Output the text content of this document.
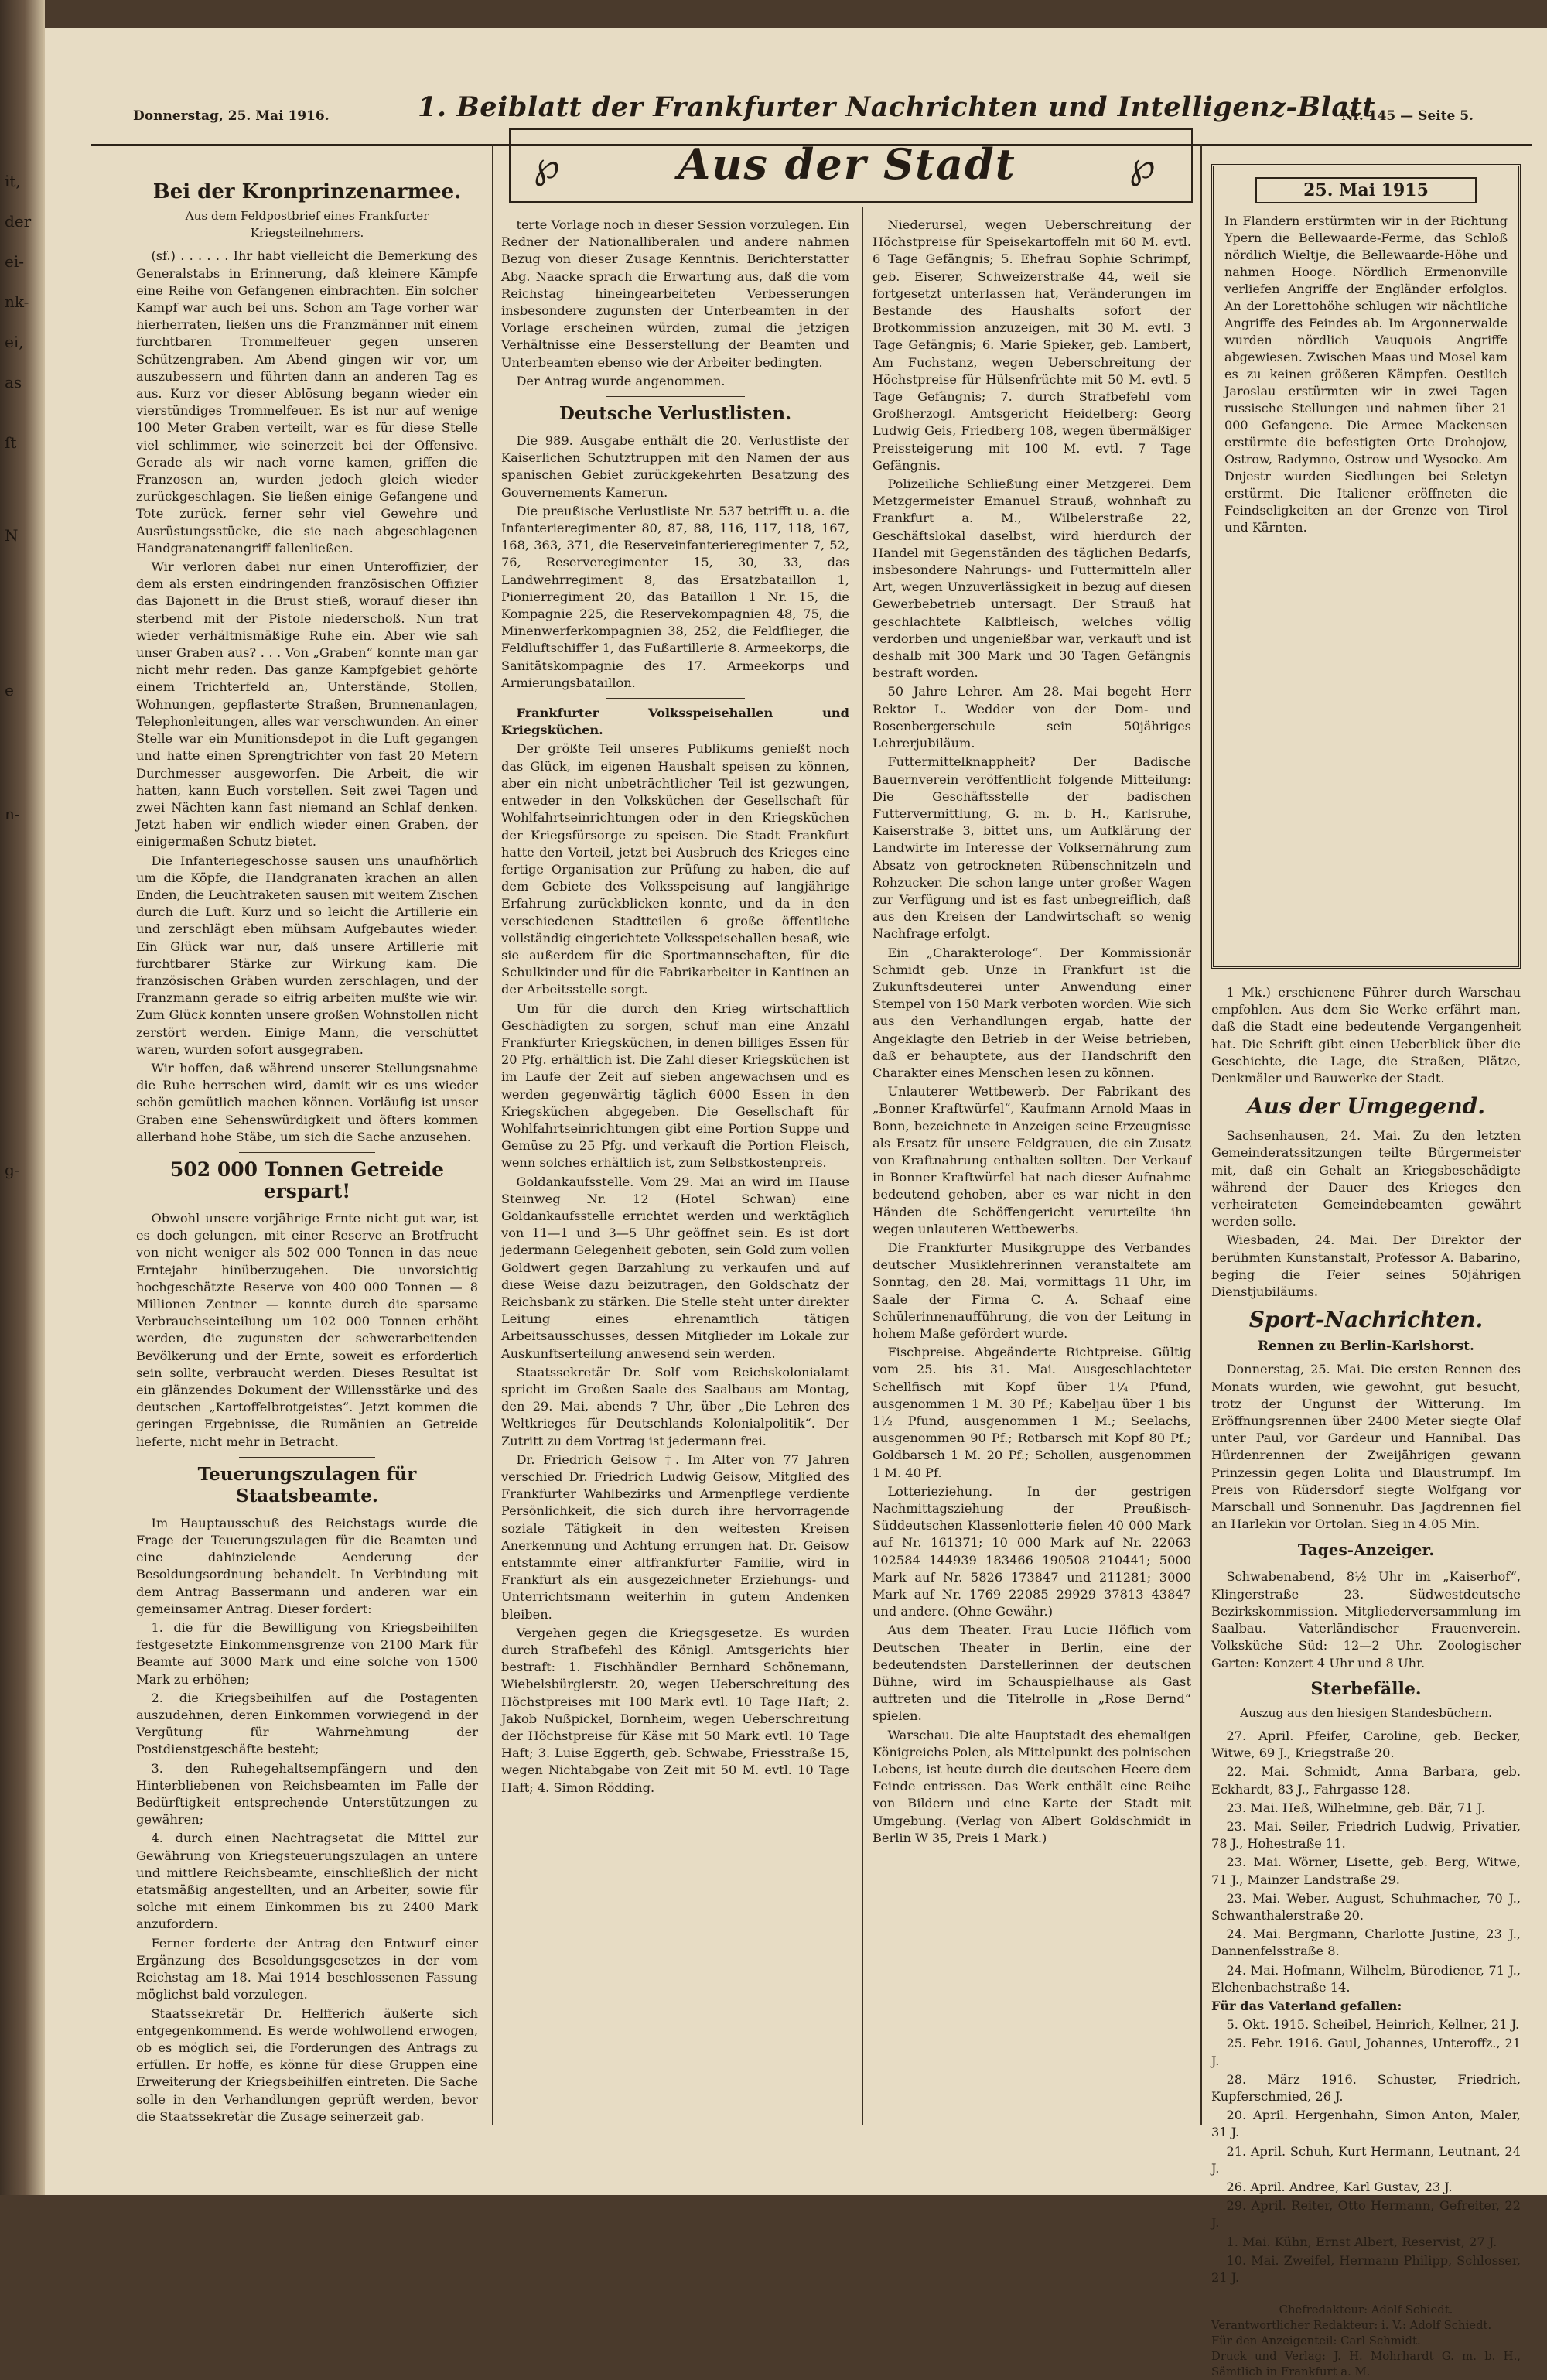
it,
der
ei-
nk-
ei,
as
ſt
N
e
n-
g-
Donnerstag, 25. Mai 1916.	1. Beiblatt der Frankfurter Nachrichten und Intelligenz-Blatt
Nr. 145 — Seite 5.
℘	Aus der Stadt	℘
Bei der Kronprinzenarmee.
Aus dem Feldpostbrief eines Frankfurter Kriegsteilnehmers.

(sf.) . . . . . . Ihr habt vielleicht die Bemerkung des Generalstabs in Erinnerung, daß kleinere Kämpfe eine Reihe von Gefangenen einbrachten. Ein solcher Kampf war auch bei uns. Schon am Tage vorher war hierherraten, ließen uns die Franzmänner mit einem furchtbaren Trommelfeuer gegen unseren Schützengraben. Am Abend gingen wir vor, um auszubessern und führten dann an anderen Tag es aus. Kurz vor dieser Ablösung begann wieder ein vierstündiges Trommelfeuer. Es ist nur auf wenige 100 Meter Graben verteilt, war es für diese Stelle viel schlimmer, wie seinerzeit bei der Offensive. Gerade als wir nach vorne kamen, griffen die Franzosen an, wurden jedoch gleich wieder zurückgeschlagen. Sie ließen einige Gefangene und Tote zurück, ferner sehr viel Gewehre und Ausrüstungsstücke, die sie nach abgeschlagenen Handgranatenangriff fallenließen.

Wir verloren dabei nur einen Unteroffizier, der dem als ersten eindringenden französischen Offizier das Bajonett in die Brust stieß, worauf dieser ihn sterbend mit der Pistole niederschoß. Nun trat wieder verhältnismäßige Ruhe ein. Aber wie sah unser Graben aus? . . . Von „Graben“ konnte man gar nicht mehr reden. Das ganze Kampfgebiet gehörte einem Trichterfeld an, Unterstände, Stollen, Wohnungen, gepflasterte Straßen, Brunnenanlagen, Telephonleitungen, alles war verschwunden. An einer Stelle war ein Munitionsdepot in die Luft gegangen und hatte einen Sprengtrichter von fast 20 Metern Durchmesser ausgeworfen. Die Arbeit, die wir hatten, kann Euch vorstellen. Seit zwei Tagen und zwei Nächten kann fast niemand an Schlaf denken. Jetzt haben wir endlich wieder einen Graben, der einigermaßen Schutz bietet.

Die Infanteriegeschosse sausen uns unaufhörlich um die Köpfe, die Handgranaten krachen an allen Enden, die Leuchtraketen sausen mit weitem Zischen durch die Luft. Kurz und so leicht die Artillerie ein und zerschlägt eben mühsam Aufgebautes wieder. Ein Glück war nur, daß unsere Artillerie mit furchtbarer Stärke zur Wirkung kam. Die französischen Gräben wurden zerschlagen, und der Franzmann gerade so eifrig arbeiten mußte wie wir. Zum Glück konnten unsere großen Wohnstollen nicht zerstört werden. Einige Mann, die verschüttet waren, wurden sofort ausgegraben.

Wir hoffen, daß während unserer Stellungsnahme die Ruhe herrschen wird, damit wir es uns wieder schön gemütlich machen können. Vorläufig ist unser Graben eine Sehenswürdigkeit und öfters kommen allerhand hohe Stäbe, um sich die Sache anzusehen.

502 000 Tonnen Getreide erspart!

Obwohl unsere vorjährige Ernte nicht gut war, ist es doch gelungen, mit einer Reserve an Brotfrucht von nicht weniger als 502 000 Tonnen in das neue Erntejahr hinüberzugehen. Die unvorsichtig hochgeschätzte Reserve von 400 000 Tonnen — 8 Millionen Zentner — konnte durch die sparsame Verbrauchseinteilung um 102 000 Tonnen erhöht werden, die zugunsten der schwerarbeitenden Bevölkerung und der Ernte, soweit es erforderlich sein sollte, verbraucht werden. Dieses Resultat ist ein glänzendes Dokument der Willensstärke und des deutschen „Kartoffelbrotgeistes“. Jetzt kommen die geringen Ergebnisse, die Rumänien an Getreide lieferte, nicht mehr in Betracht.

Teuerungszulagen für Staatsbeamte.

Im Hauptausschuß des Reichstags wurde die Frage der Teuerungszulagen für die Beamten und eine dahinzielende Aenderung der Besoldungsordnung behandelt. In Verbindung mit dem Antrag Bassermann und anderen war ein gemeinsamer Antrag. Dieser fordert:

1. die für die Bewilligung von Kriegsbeihilfen festgesetzte Einkommensgrenze von 2100 Mark für Beamte auf 3000 Mark und eine solche von 1500 Mark zu erhöhen;

2. die Kriegsbeihilfen auf die Postagenten auszudehnen, deren Einkommen vorwiegend in der Vergütung für Wahrnehmung der Postdienstgeschäfte besteht;

3. den Ruhegehaltsempfängern und den Hinterbliebenen von Reichsbeamten im Falle der Bedürftigkeit entsprechende Unterstützungen zu gewähren;

4. durch einen Nachtragsetat die Mittel zur Gewährung von Kriegsteuerungszulagen an untere und mittlere Reichsbeamte, einschließlich der nicht etatsmäßig angestellten, und an Arbeiter, sowie für solche mit einem Einkommen bis zu 2400 Mark anzufordern.

Ferner forderte der Antrag den Entwurf einer Ergänzung des Besoldungsgesetzes in der vom Reichstag am 18. Mai 1914 beschlossenen Fassung möglichst bald vorzulegen.

Staatssekretär Dr. Helfferich äußerte sich entgegenkommend. Es werde wohlwollend erwogen, ob es möglich sei, die Forderungen des Antrags zu erfüllen. Er hoffe, es könne für diese Gruppen eine Erweiterung der Kriegsbeihilfen eintreten. Die Sache solle in den Verhandlungen geprüft werden, bevor die Staatssekretär die Zusage seinerzeit gab.

terte Vorlage noch in dieser Session vorzulegen. Ein Redner der Nationalliberalen und andere nahmen Bezug von dieser Zusage Kenntnis. Berichterstatter Abg. Naacke sprach die Erwartung aus, daß die vom Reichstag hineingearbeiteten Verbesserungen insbesondere zugunsten der Unterbeamten in der Vorlage erscheinen würden, zumal die jetzigen Verhältnisse eine Besserstellung der Beamten und Unterbeamten ebenso wie der Arbeiter bedingten.

Der Antrag wurde angenommen.

Deutsche Verlustlisten.

Die 989. Ausgabe enthält die 20. Verlustliste der Kaiserlichen Schutztruppen mit den Namen der aus spanischen Gebiet zurückgekehrten Besatzung des Gouvernements Kamerun.

Die preußische Verlustliste Nr. 537 betrifft u. a. die Infanterieregimenter 80, 87, 88, 116, 117, 118, 167, 168, 363, 371, die Reserveinfanterieregimenter 7, 52, 76, Reserveregimenter 15, 30, 33, das Landwehrregiment 8, das Ersatzbataillon 1, Pionierregiment 20, das Bataillon 1 Nr. 15, die Kompagnie 225, die Reservekompagnien 48, 75, die Minenwerferkompagnien 38, 252, die Feldflieger, die Feldluftschiffer 1, das Fußartillerie 8. Armeekorps, die Sanitätskompagnie des 17. Armeekorps und Armierungsbataillon.

Frankfurter Volksspeisehallen und Kriegsküchen.

Der größte Teil unseres Publikums genießt noch das Glück, im eigenen Haushalt speisen zu können, aber ein nicht unbeträchtlicher Teil ist gezwungen, entweder in den Volksküchen der Gesellschaft für Wohlfahrtseinrichtungen oder in den Kriegsküchen der Kriegsfürsorge zu speisen. Die Stadt Frankfurt hatte den Vorteil, jetzt bei Ausbruch des Krieges eine fertige Organisation zur Prüfung zu haben, die auf dem Gebiete des Volksspeisung auf langjährige Erfahrung zurückblicken konnte, und da in den verschiedenen Stadtteilen 6 große öffentliche vollständig eingerichtete Volksspeisehallen besaß, wie sie außerdem für die Sportmannschaften, für die Schulkinder und für die Fabrikarbeiter in Kantinen an der Arbeitsstelle sorgt.

Um für die durch den Krieg wirtschaftlich Geschädigten zu sorgen, schuf man eine Anzahl Frankfurter Kriegsküchen, in denen billiges Essen für 20 Pfg. erhältlich ist. Die Zahl dieser Kriegsküchen ist im Laufe der Zeit auf sieben angewachsen und es werden gegenwärtig täglich 6000 Essen in den Kriegsküchen abgegeben. Die Gesellschaft für Wohlfahrtseinrichtungen gibt eine Portion Suppe und Gemüse zu 25 Pfg. und verkauft die Portion Fleisch, wenn solches erhältlich ist, zum Selbstkostenpreis.

Goldankaufsstelle. Vom 29. Mai an wird im Hause Steinweg Nr. 12 (Hotel Schwan) eine Goldankaufsstelle errichtet werden und werktäglich von 11—1 und 3—5 Uhr geöffnet sein. Es ist dort jedermann Gelegenheit geboten, sein Gold zum vollen Goldwert gegen Barzahlung zu verkaufen und auf diese Weise dazu beizutragen, den Goldschatz der Reichsbank zu stärken. Die Stelle steht unter direkter Leitung eines ehrenamtlich tätigen Arbeitsausschusses, dessen Mitglieder im Lokale zur Auskunftserteilung anwesend sein werden.

Staatssekretär Dr. Solf vom Reichskolonialamt spricht im Großen Saale des Saalbaus am Montag, den 29. Mai, abends 7 Uhr, über „Die Lehren des Weltkrieges für Deutschlands Kolonialpolitik“. Der Zutritt zu dem Vortrag ist jedermann frei.

Dr. Friedrich Geisow †. Im Alter von 77 Jahren verschied Dr. Friedrich Ludwig Geisow, Mitglied des Frankfurter Wahlbezirks und Armenpflege verdiente Persönlichkeit, die sich durch ihre hervorragende soziale Tätigkeit in den weitesten Kreisen Anerkennung und Achtung errungen hat. Dr. Geisow entstammte einer altfrankfurter Familie, wird in Frankfurt als ein ausgezeichneter Erziehungs- und Unterrichtsmann weiterhin in gutem Andenken bleiben.

Vergehen gegen die Kriegsgesetze. Es wurden durch Strafbefehl des Königl. Amtsgerichts hier bestraft: 1. Fischhändler Bernhard Schönemann, Wiebelsbürglerstr. 20, wegen Ueberschreitung des Höchstpreises mit 100 Mark evtl. 10 Tage Haft; 2. Jakob Nußpickel, Bornheim, wegen Ueberschreitung der Höchstpreise für Käse mit 50 Mark evtl. 10 Tage Haft; 3. Luise Eggerth, geb. Schwabe, Friesstraße 15, wegen Nichtabgabe von Zeit mit 50 M. evtl. 10 Tage Haft; 4. Simon Rödding.

Niederursel, wegen Ueberschreitung der Höchstpreise für Speisekartoffeln mit 60 M. evtl. 6 Tage Gefängnis; 5. Ehefrau Sophie Schrimpf, geb. Eiserer, Schweizerstraße 44, weil sie fortgesetzt unterlassen hat, Veränderungen im Bestande des Haushalts sofort der Brotkommission anzuzeigen, mit 30 M. evtl. 3 Tage Gefängnis; 6. Marie Spieker, geb. Lambert, Am Fuchstanz, wegen Ueberschreitung der Höchstpreise für Hülsenfrüchte mit 50 M. evtl. 5 Tage Gefängnis; 7. durch Strafbefehl vom Großherzogl. Amtsgericht Heidelberg: Georg Ludwig Geis, Friedberg 108, wegen übermäßiger Preissteigerung mit 100 M. evtl. 7 Tage Gefängnis.

Polizeiliche Schließung einer Metzgerei. Dem Metzgermeister Emanuel Strauß, wohnhaft zu Frankfurt a. M., Wilbelerstraße 22, Geschäftslokal daselbst, wird hierdurch der Handel mit Gegenständen des täglichen Bedarfs, insbesondere Nahrungs- und Futtermitteln aller Art, wegen Unzuverlässigkeit in bezug auf diesen Gewerbebetrieb untersagt. Der Strauß hat geschlachtete Kalbfleisch, welches völlig verdorben und ungenießbar war, verkauft und ist deshalb mit 300 Mark und 30 Tagen Gefängnis bestraft worden.

50 Jahre Lehrer. Am 28. Mai begeht Herr Rektor L. Wedder von der Dom- und Rosenbergerschule sein 50jähriges Lehrerjubiläum.

Futtermittelknappheit? Der Badische Bauernverein veröffentlicht folgende Mitteilung: Die Geschäftsstelle der badischen Futtervermittlung, G. m. b. H., Karlsruhe, Kaiserstraße 3, bittet uns, um Aufklärung der Landwirte im Interesse der Volksernährung zum Absatz von getrockneten Rübenschnitzeln und Rohzucker. Die schon lange unter großer Wagen zur Verfügung und ist es fast unbegreiflich, daß aus den Kreisen der Landwirtschaft so wenig Nachfrage erfolgt.

Ein „Charakterologe“. Der Kommissionär Schmidt geb. Unze in Frankfurt ist die Zukunftsdeuterei unter Anwendung einer Stempel von 150 Mark verboten worden. Wie sich aus den Verhandlungen ergab, hatte der Angeklagte den Betrieb in der Weise betrieben, daß er behauptete, aus der Handschrift den Charakter eines Menschen lesen zu können.

Unlauterer Wettbewerb. Der Fabrikant des „Bonner Kraftwürfel“, Kaufmann Arnold Maas in Bonn, bezeichnete in Anzeigen seine Erzeugnisse als Ersatz für unsere Feldgrauen, die ein Zusatz von Kraftnahrung enthalten sollten. Der Verkauf in Bonner Kraftwürfel hat nach dieser Aufnahme bedeutend gehoben, aber es war nicht in den Händen die Schöffengericht verurteilte ihn wegen unlauteren Wettbewerbs.

Die Frankfurter Musikgruppe des Verbandes deutscher Musiklehrerinnen veranstaltete am Sonntag, den 28. Mai, vormittags 11 Uhr, im Saale der Firma C. A. Schaaf eine Schülerinnenaufführung, die von der Leitung in hohem Maße gefördert wurde.

Fischpreise. Abgeänderte Richtpreise. Gültig vom 25. bis 31. Mai. Ausgeschlachteter Schellfisch mit Kopf über 1¼ Pfund, ausgenommen 1 M. 30 Pf.; Kabeljau über 1 bis 1½ Pfund, ausgenommen 1 M.; Seelachs, ausgenommen 90 Pf.; Rotbarsch mit Kopf 80 Pf.; Goldbarsch 1 M. 20 Pf.; Schollen, ausgenommen 1 M. 40 Pf.

Lotterieziehung. In der gestrigen Nachmittagsziehung der Preußisch-Süddeutschen Klassenlotterie fielen 40 000 Mark auf Nr. 161371; 10 000 Mark auf Nr. 22063 102584 144939 183466 190508 210441; 5000 Mark auf Nr. 5826 173847 und 211281; 3000 Mark auf Nr. 1769 22085 29929 37813 43847 und andere. (Ohne Gewähr.)

Aus dem Theater. Frau Lucie Höflich vom Deutschen Theater in Berlin, eine der bedeutendsten Darstellerinnen der deutschen Bühne, wird im Schauspielhause als Gast auftreten und die Titelrolle in „Rose Bernd“ spielen.

Warschau. Die alte Hauptstadt des ehemaligen Königreichs Polen, als Mittelpunkt des polnischen Lebens, ist heute durch die deutschen Heere dem Feinde entrissen. Das Werk enthält eine Reihe von Bildern und eine Karte der Stadt mit Umgebung. (Verlag von Albert Goldschmidt in Berlin W 35, Preis 1 Mark.)

25. Mai 1915
In Flandern erstürmten wir in der Richtung Ypern die Bellewaarde-Ferme, das Schloß nördlich Wieltje, die Bellewaarde-Höhe und nahmen Hooge. Nördlich Ermenonville verliefen Angriffe der Engländer erfolglos. An der Lorettohöhe schlugen wir nächtliche Angriffe des Feindes ab. Im Argonnerwalde wurden nördlich Vauquois Angriffe abgewiesen. Zwischen Maas und Mosel kam es zu keinen größeren Kämpfen. Oestlich Jaroslau erstürmten wir in zwei Tagen russische Stellungen und nahmen über 21 000 Gefangene. Die Armee Mackensen erstürmte die befestigten Orte Drohojow, Ostrow, Radymno, Ostrow und Wysocko. Am Dnjestr wurden Siedlungen bei Seletyn erstürmt. Die Italiener eröffneten die Feindseligkeiten an der Grenze von Tirol und Kärnten.

1 Mk.) erschienene Führer durch Warschau empfohlen. Aus dem Sie Werke erfährt man, daß die Stadt eine bedeutende Vergangenheit hat. Die Schrift gibt einen Ueberblick über die Geschichte, die Lage, die Straßen, Plätze, Denkmäler und Bauwerke der Stadt.

Aus der Umgegend.

Sachsenhausen, 24. Mai. Zu den letzten Gemeinderatssitzungen teilte Bürgermeister mit, daß ein Gehalt an Kriegsbeschädigte während der Dauer des Krieges den verheirateten Gemeindebeamten gewährt werden solle.

Wiesbaden, 24. Mai. Der Direktor der berühmten Kunstanstalt, Professor A. Babarino, beging die Feier seines 50jährigen Dienstjubiläums.

Sport-Nachrichten.
Rennen zu Berlin-Karlshorst.

Donnerstag, 25. Mai. Die ersten Rennen des Monats wurden, wie gewohnt, gut besucht, trotz der Ungunst der Witterung. Im Eröffnungsrennen über 2400 Meter siegte Olaf unter Paul, vor Gardeur und Hannibal. Das Hürdenrennen der Zweijährigen gewann Prinzessin gegen Lolita und Blaustrumpf. Im Preis von Rüdersdorf siegte Wolfgang vor Marschall und Sonnenuhr. Das Jagdrennen fiel an Harlekin vor Ortolan. Sieg in 4.05 Min.

Tages-Anzeiger.

Schwabenabend, 8½ Uhr im „Kaiserhof“, Klingerstraße 23. Südwestdeutsche Bezirkskommission. Mitgliederversammlung im Saalbau. Vaterländischer Frauenverein. Volksküche Süd: 12—2 Uhr. Zoologischer Garten: Konzert 4 Uhr und 8 Uhr.

Sterbefälle.
Auszug aus den hiesigen Standesbüchern.

27. April. Pfeifer, Caroline, geb. Becker, Witwe, 69 J., Kriegstraße 20.

22. Mai. Schmidt, Anna Barbara, geb. Eckhardt, 83 J., Fahrgasse 128.

23. Mai. Heß, Wilhelmine, geb. Bär, 71 J.

23. Mai. Seiler, Friedrich Ludwig, Privatier, 78 J., Hohestraße 11.

23. Mai. Wörner, Lisette, geb. Berg, Witwe, 71 J., Mainzer Landstraße 29.

23. Mai. Weber, August, Schuhmacher, 70 J., Schwanthalerstraße 20.

24. Mai. Bergmann, Charlotte Justine, 23 J., Dannenfelsstraße 8.

24. Mai. Hofmann, Wilhelm, Bürodiener, 71 J., Elchenbachstraße 14.

Für das Vaterland gefallen:

5. Okt. 1915. Scheibel, Heinrich, Kellner, 21 J.

25. Febr. 1916. Gaul, Johannes, Unteroffz., 21 J.

28. März 1916. Schuster, Friedrich, Kupferschmied, 26 J.

20. April. Hergenhahn, Simon Anton, Maler, 31 J.

21. April. Schuh, Kurt Hermann, Leutnant, 24 J.

26. April. Andree, Karl Gustav, 23 J.

29. April. Reiter, Otto Hermann, Gefreiter, 22 J.

1. Mai. Kühn, Ernst Albert, Reservist, 27 J.

10. Mai. Zweifel, Hermann Philipp, Schlosser, 21 J.

Chefredakteur: Adolf Schiedt.
Verantwortlicher Redakteur: i. V.: Adolf Schiedt.
Für den Anzeigenteil: Carl Schmidt.
Druck und Verlag: J. H. Mohrhardt G. m. b. H., Sämtlich in Frankfurt a. M.
